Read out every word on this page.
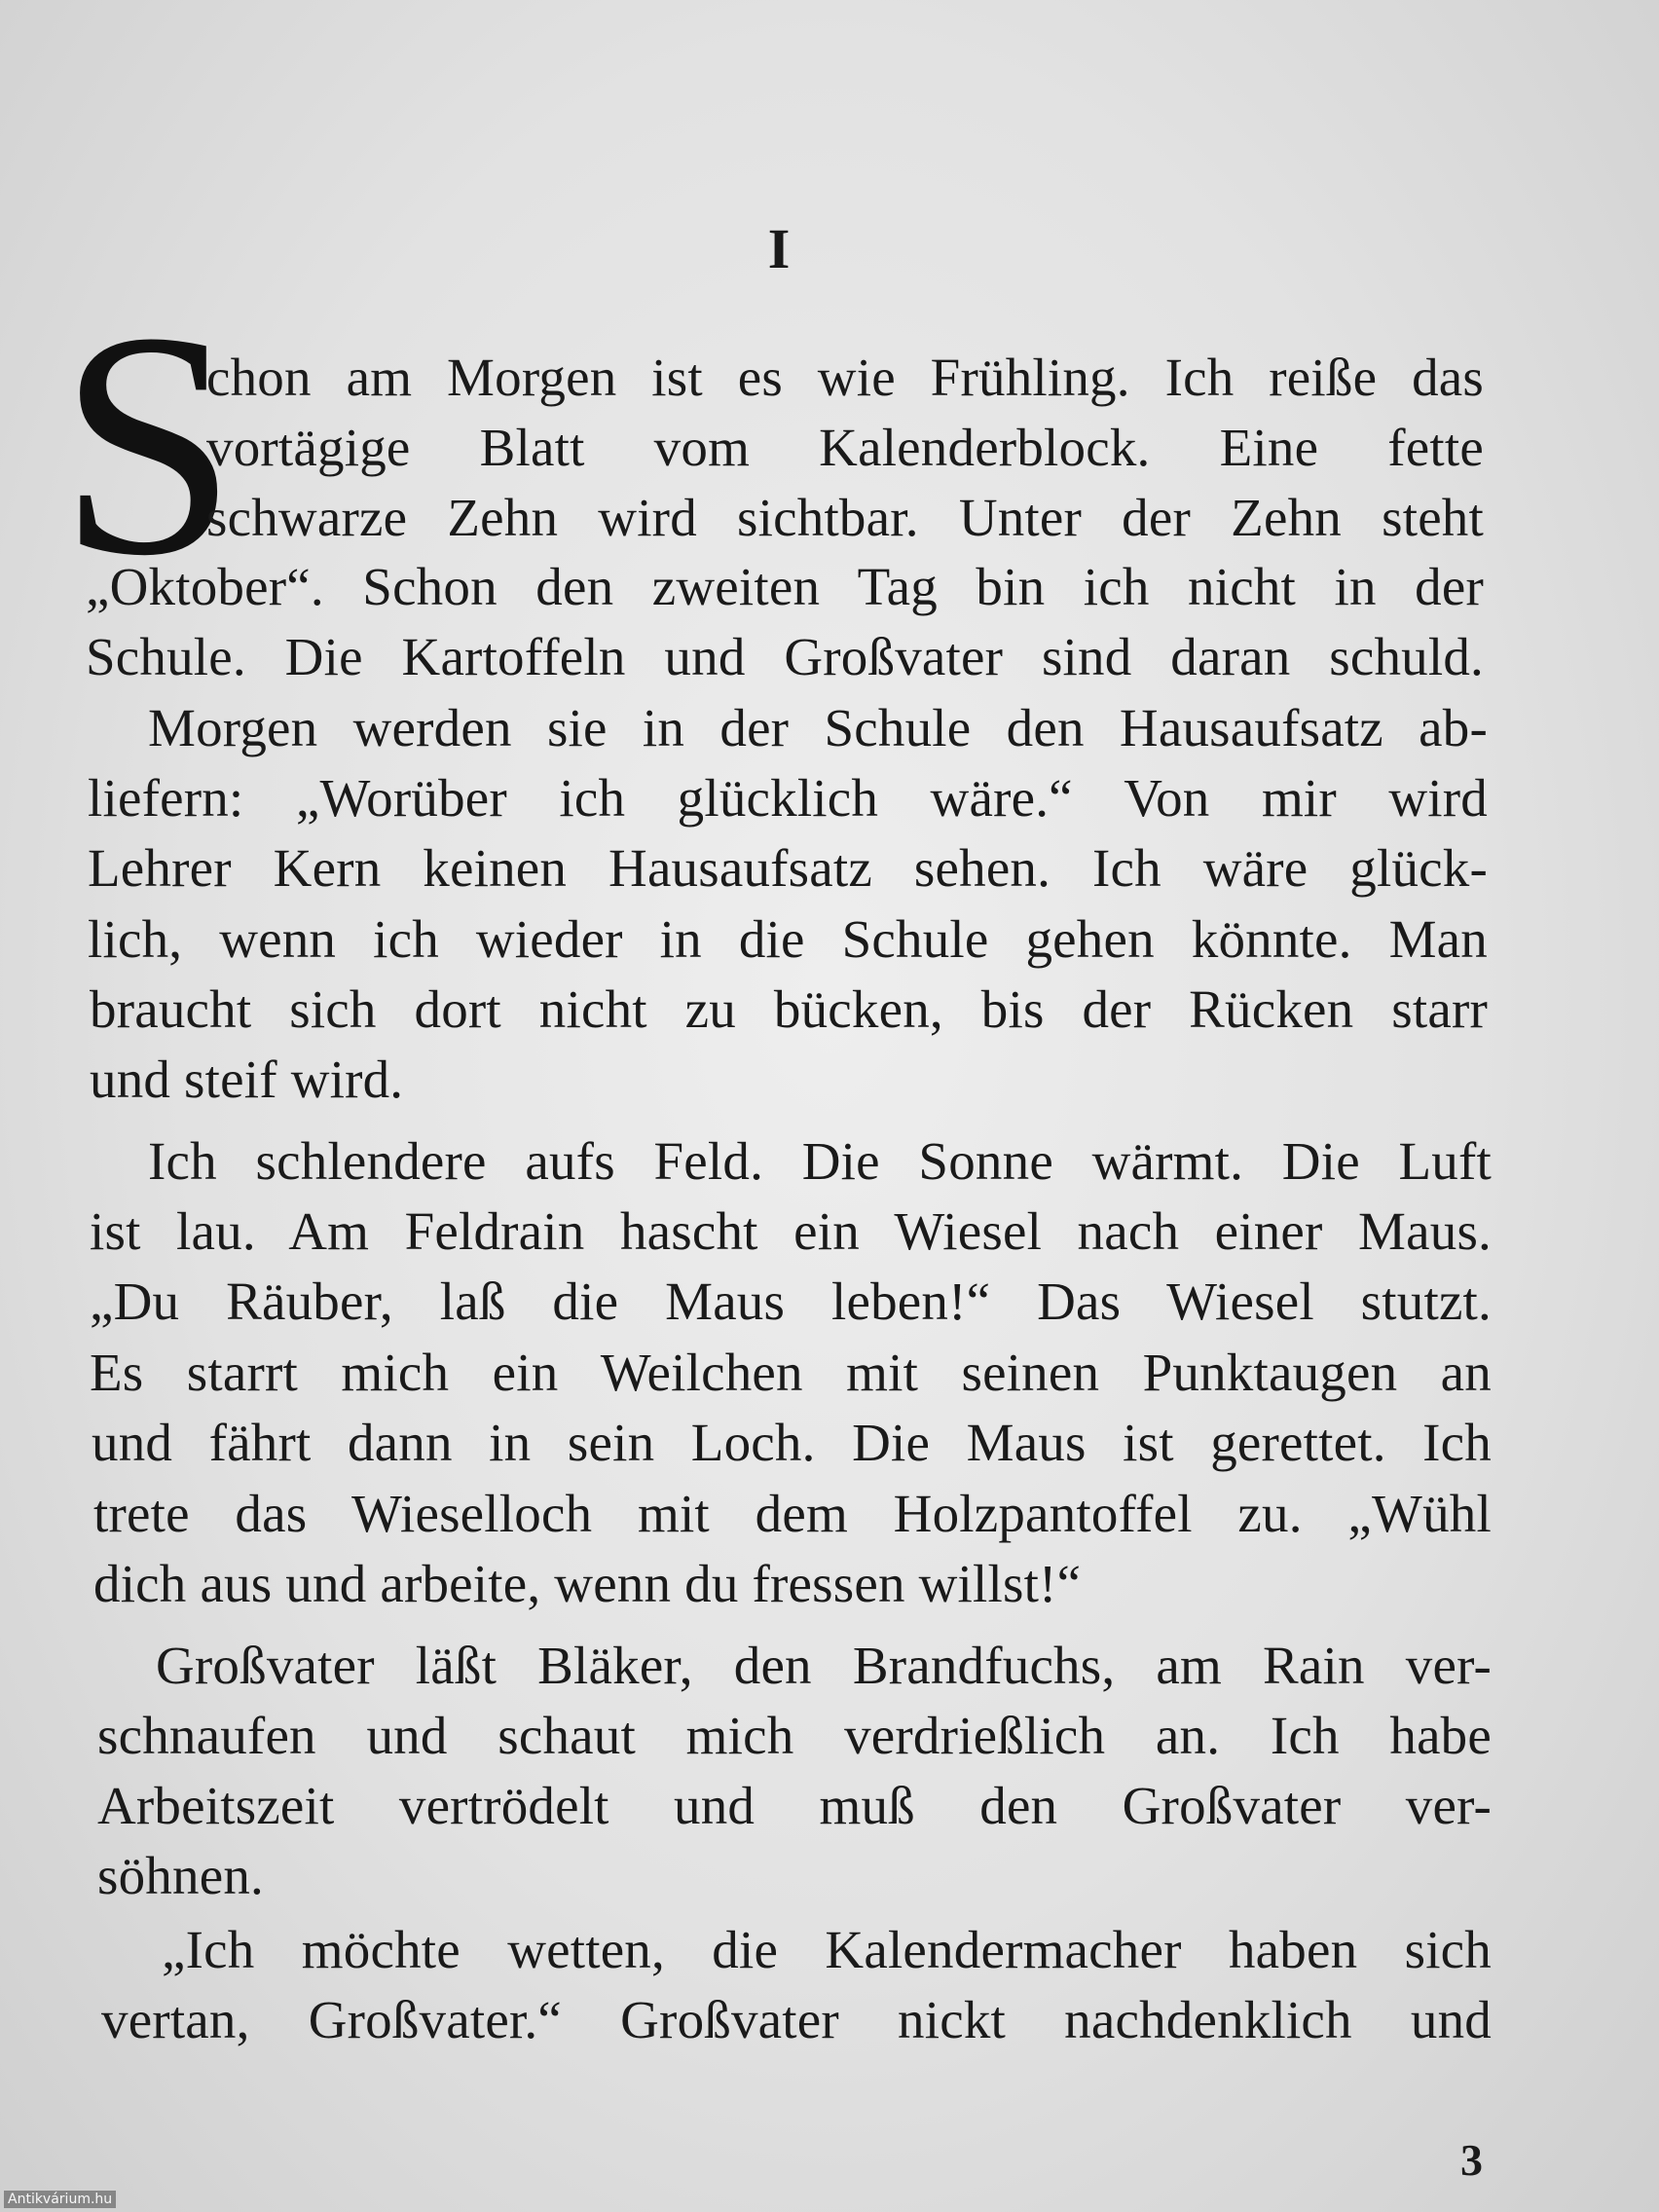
I
S
chon am Morgen ist es wie Frühling. Ich reiße das
vortägige Blatt vom Kalenderblock. Eine fette
schwarze Zehn wird sichtbar. Unter der Zehn steht
„Oktober“. Schon den zweiten Tag bin ich nicht in der
Schule. Die Kartoffeln und Großvater sind daran schuld.
Morgen werden sie in der Schule den Hausaufsatz ab-
liefern: „Worüber ich glücklich wäre.“ Von mir wird
Lehrer Kern keinen Hausaufsatz sehen. Ich wäre glück-
lich, wenn ich wieder in die Schule gehen könnte. Man
braucht sich dort nicht zu bücken, bis der Rücken starr
und steif wird.
Ich schlendere aufs Feld. Die Sonne wärmt. Die Luft
ist lau. Am Feldrain hascht ein Wiesel nach einer Maus.
„Du Räuber, laß die Maus leben!“ Das Wiesel stutzt.
Es starrt mich ein Weilchen mit seinen Punktaugen an
und fährt dann in sein Loch. Die Maus ist gerettet. Ich
trete das Wieselloch mit dem Holzpantoffel zu. „Wühl
dich aus und arbeite, wenn du fressen willst!“
Großvater läßt Bläker, den Brandfuchs, am Rain ver-
schnaufen und schaut mich verdrießlich an. Ich habe
Arbeitszeit vertrödelt und muß den Großvater ver-
söhnen.
„Ich möchte wetten, die Kalendermacher haben sich
vertan, Großvater.“ Großvater nickt nachdenklich und
3
Antikvárium.hu
